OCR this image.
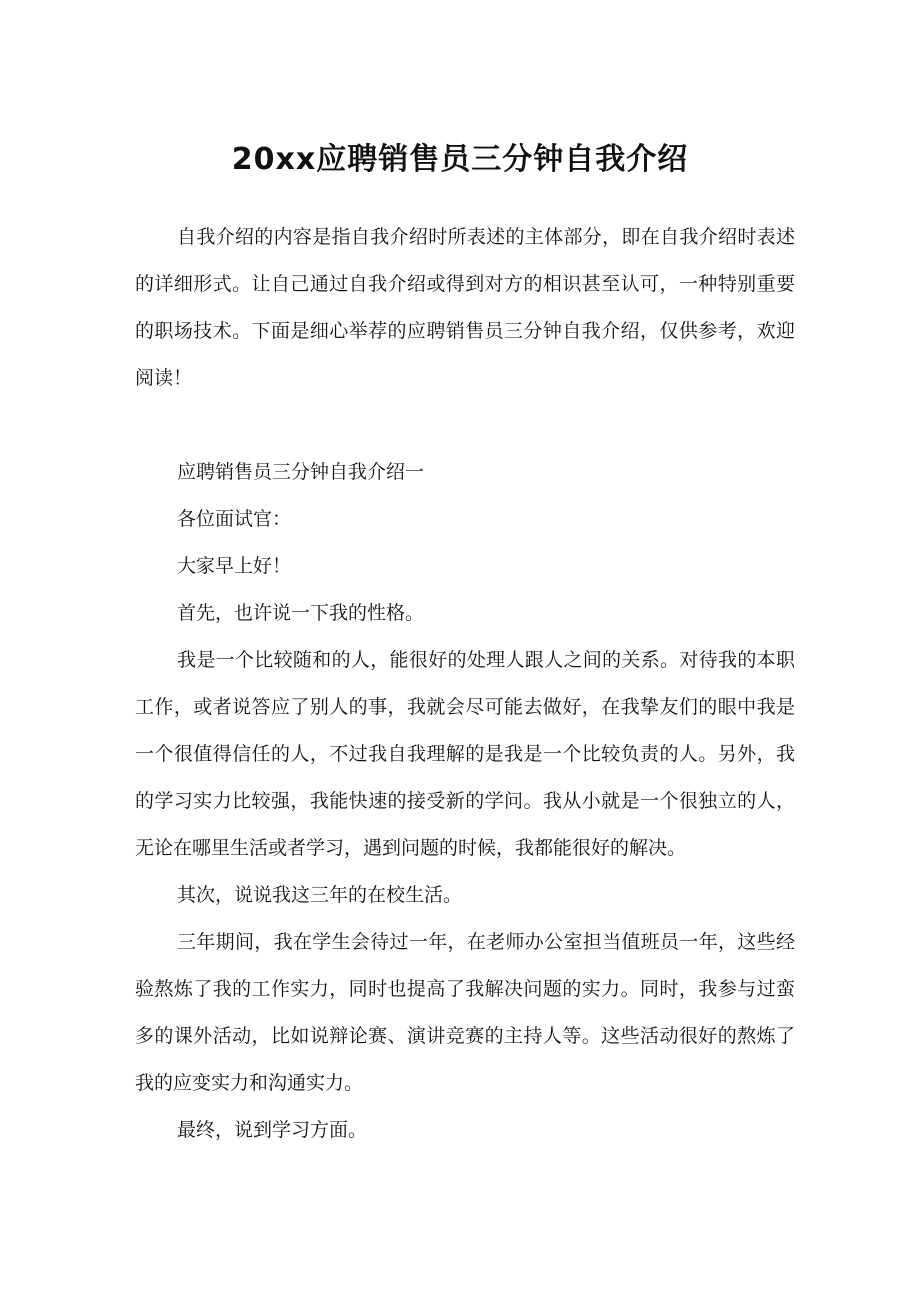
20xx应聘销售员三分钟自我介绍

自我介绍的内容是指自我介绍时所表述的主体部分，即在自我介绍时表述的详细形式。让自己通过自我介绍或得到对方的相识甚至认可，一种特别重要的职场技术。下面是细心举荐的应聘销售员三分钟自我介绍，仅供参考，欢迎阅读！

应聘销售员三分钟自我介绍一

各位面试官：

大家早上好！

首先，也许说一下我的性格。

我是一个比较随和的人，能很好的处理人跟人之间的关系。对待我的本职工作，或者说答应了别人的事，我就会尽可能去做好，在我挚友们的眼中我是一个很值得信任的人，不过我自我理解的是我是一个比较负责的人。另外，我的学习实力比较强，我能快速的接受新的学问。我从小就是一个很独立的人，无论在哪里生活或者学习，遇到问题的时候，我都能很好的解决。

其次，说说我这三年的在校生活。

三年期间，我在学生会待过一年，在老师办公室担当值班员一年，这些经验熬炼了我的工作实力，同时也提高了我解决问题的实力。同时，我参与过蛮多的课外活动，比如说辩论赛、演讲竞赛的主持人等。这些活动很好的熬炼了我的应变实力和沟通实力。

最终，说到学习方面。
